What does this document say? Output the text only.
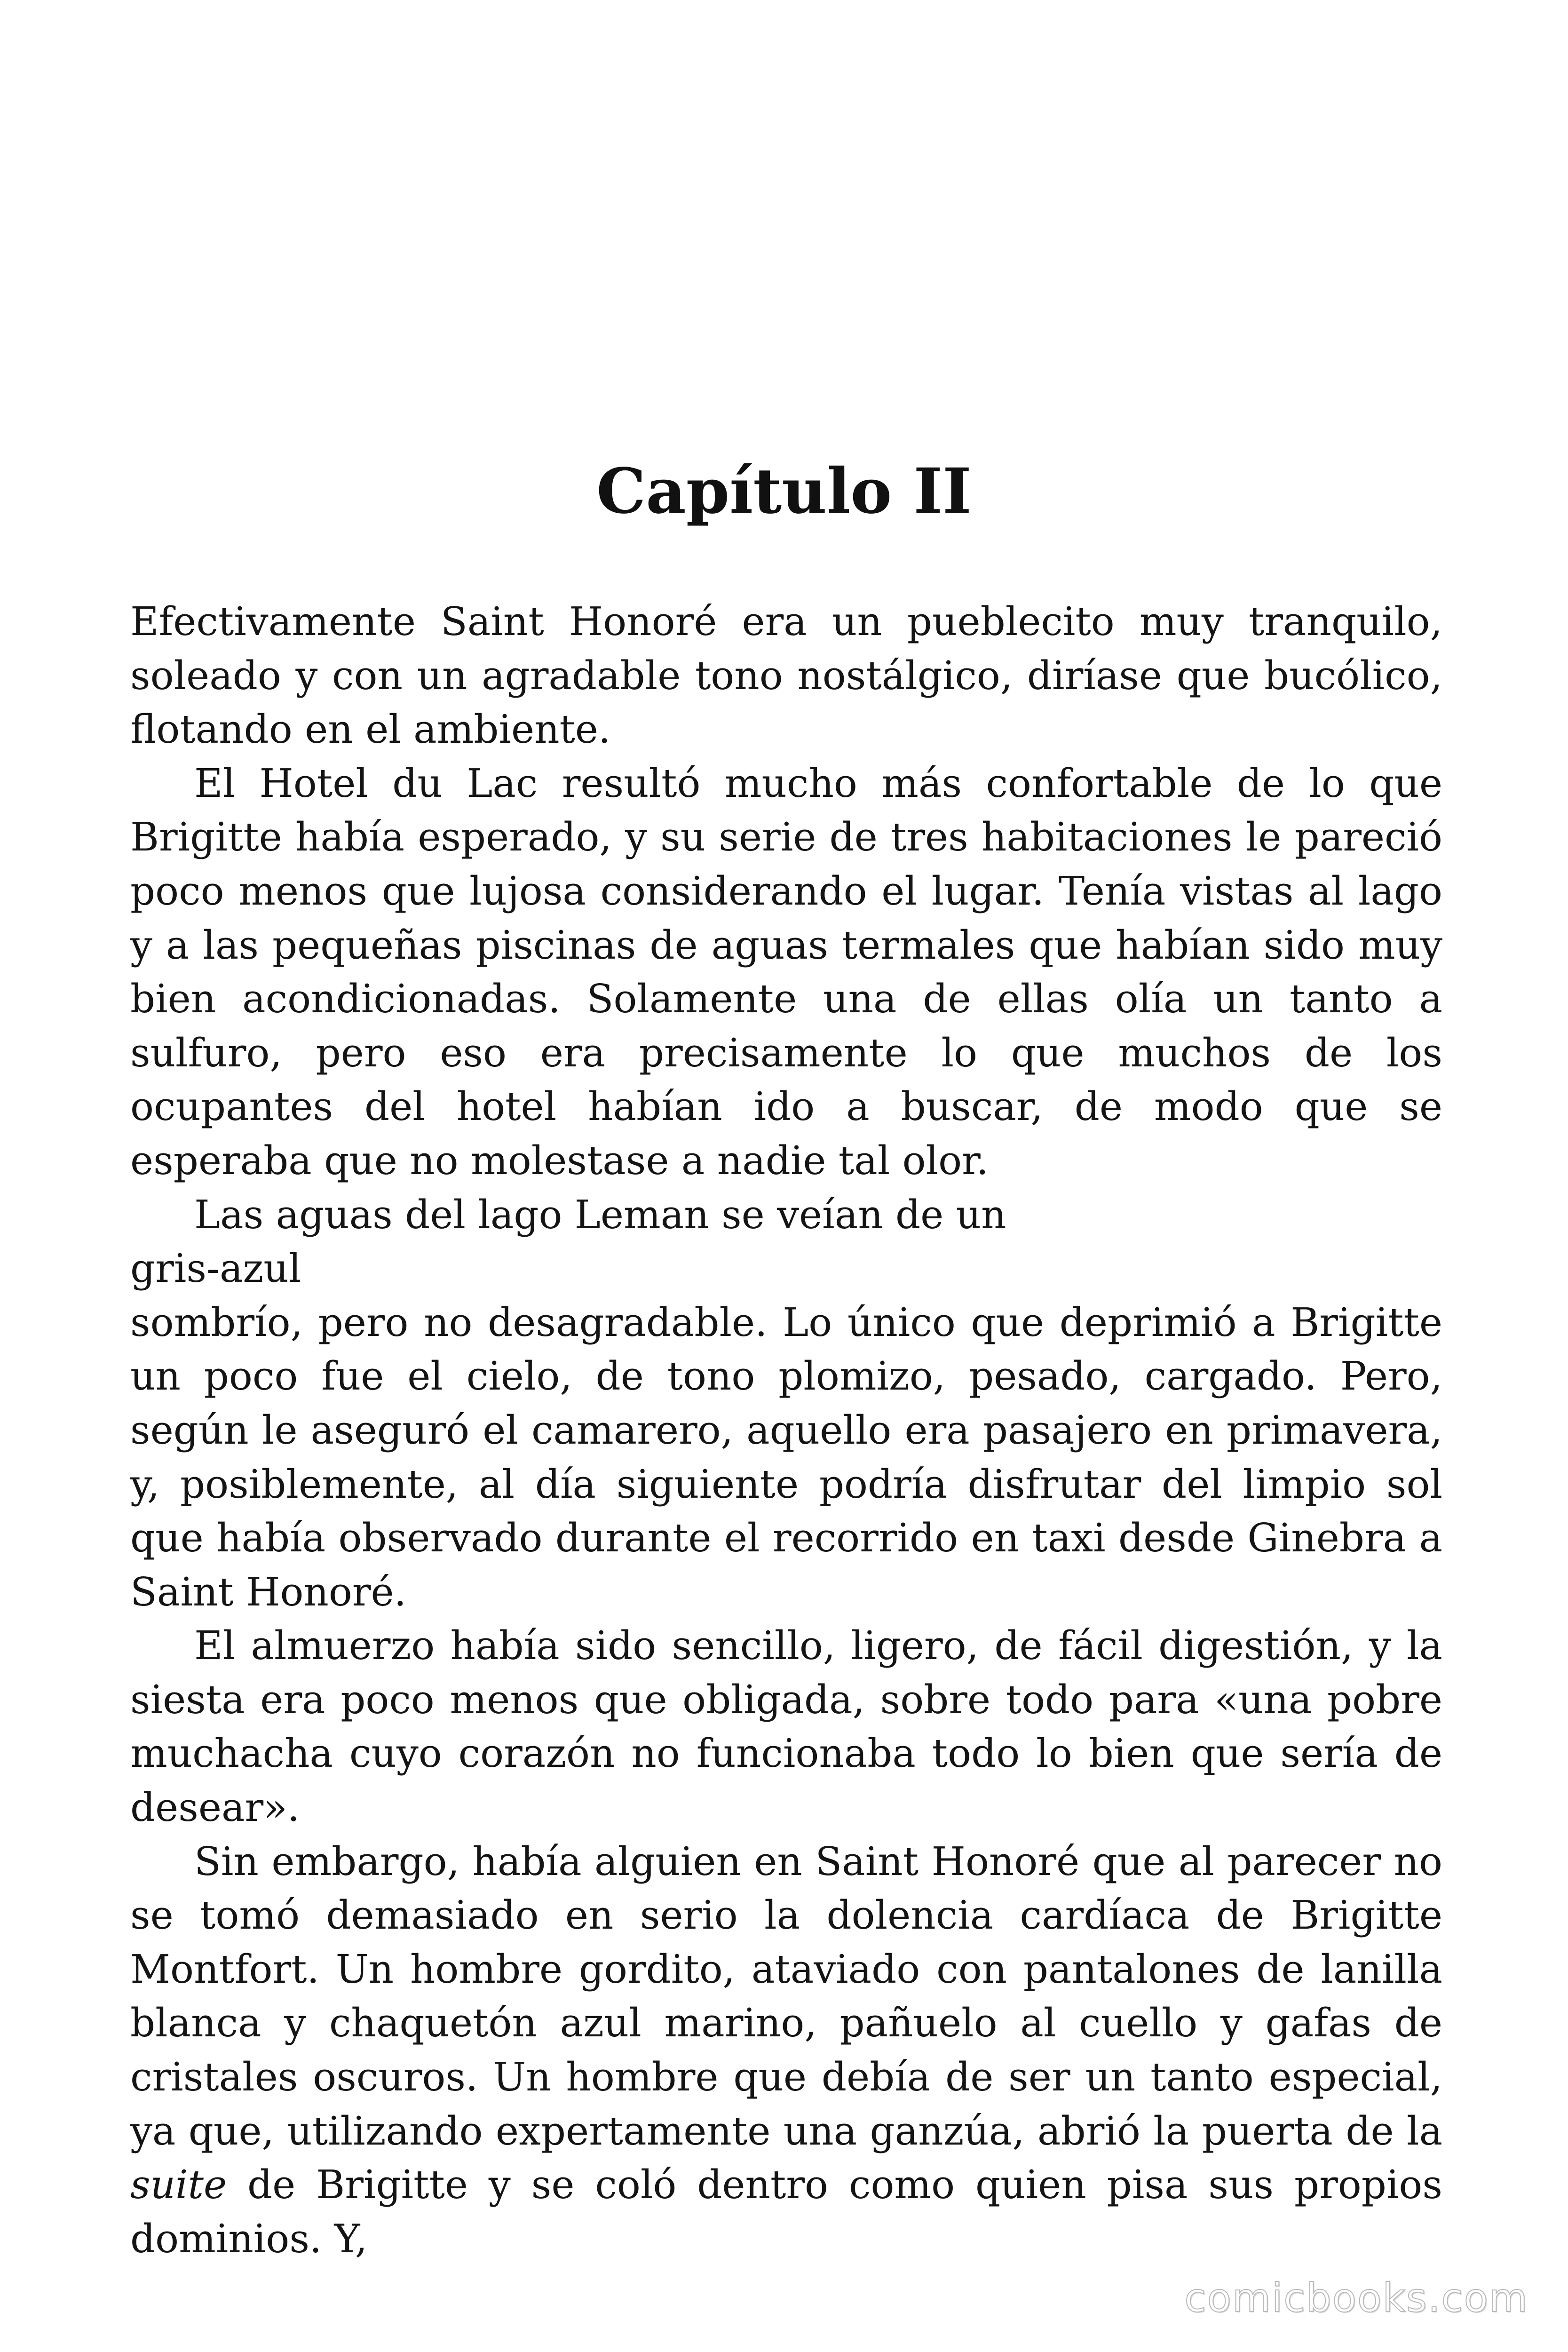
Capítulo II

Efectivamente Saint Honoré era un pueblecito muy tranquilo, soleado y con un agradable tono nostálgico, diríase que bucólico, flotando en el ambiente.

El Hotel du Lac resultó mucho más confortable de lo que Brigitte había esperado, y su serie de tres habitaciones le pareció poco menos que lujosa considerando el lugar. Tenía vistas al lago y a las pequeñas piscinas de aguas termales que habían sido muy bien acondicionadas. Solamente una de ellas olía un tanto a sulfuro, pero eso era precisamente lo que muchos de los ocupantes del hotel habían ido a buscar, de modo que se esperaba que no molestase a nadie tal olor.

Las aguas del lago Leman se veían de un
gris-azul

sombrío, pero no desagradable. Lo único que deprimió a Brigitte un poco fue el cielo, de tono plomizo, pesado, cargado. Pero, según le aseguró el camarero, aquello era pasajero en primavera, y, posiblemente, al día siguiente podría disfrutar del limpio sol que había observado durante el recorrido en taxi desde Ginebra a Saint Honoré.

El almuerzo había sido sencillo, ligero, de fácil digestión, y la siesta era poco menos que obligada, sobre todo para «una pobre muchacha cuyo corazón no funcionaba todo lo bien que sería de desear».

Sin embargo, había alguien en Saint Honoré que al parecer no se tomó demasiado en serio la dolencia cardíaca de Brigitte Montfort. Un hombre gordito, ataviado con pantalones de lanilla blanca y chaquetón azul marino, pañuelo al cuello y gafas de cristales oscuros. Un hombre que debía de ser un tanto especial, ya que, utilizando expertamente una ganzúa, abrió la puerta de la suite de Brigitte y se coló dentro como quien pisa sus propios dominios. Y,

comicbooks.com
